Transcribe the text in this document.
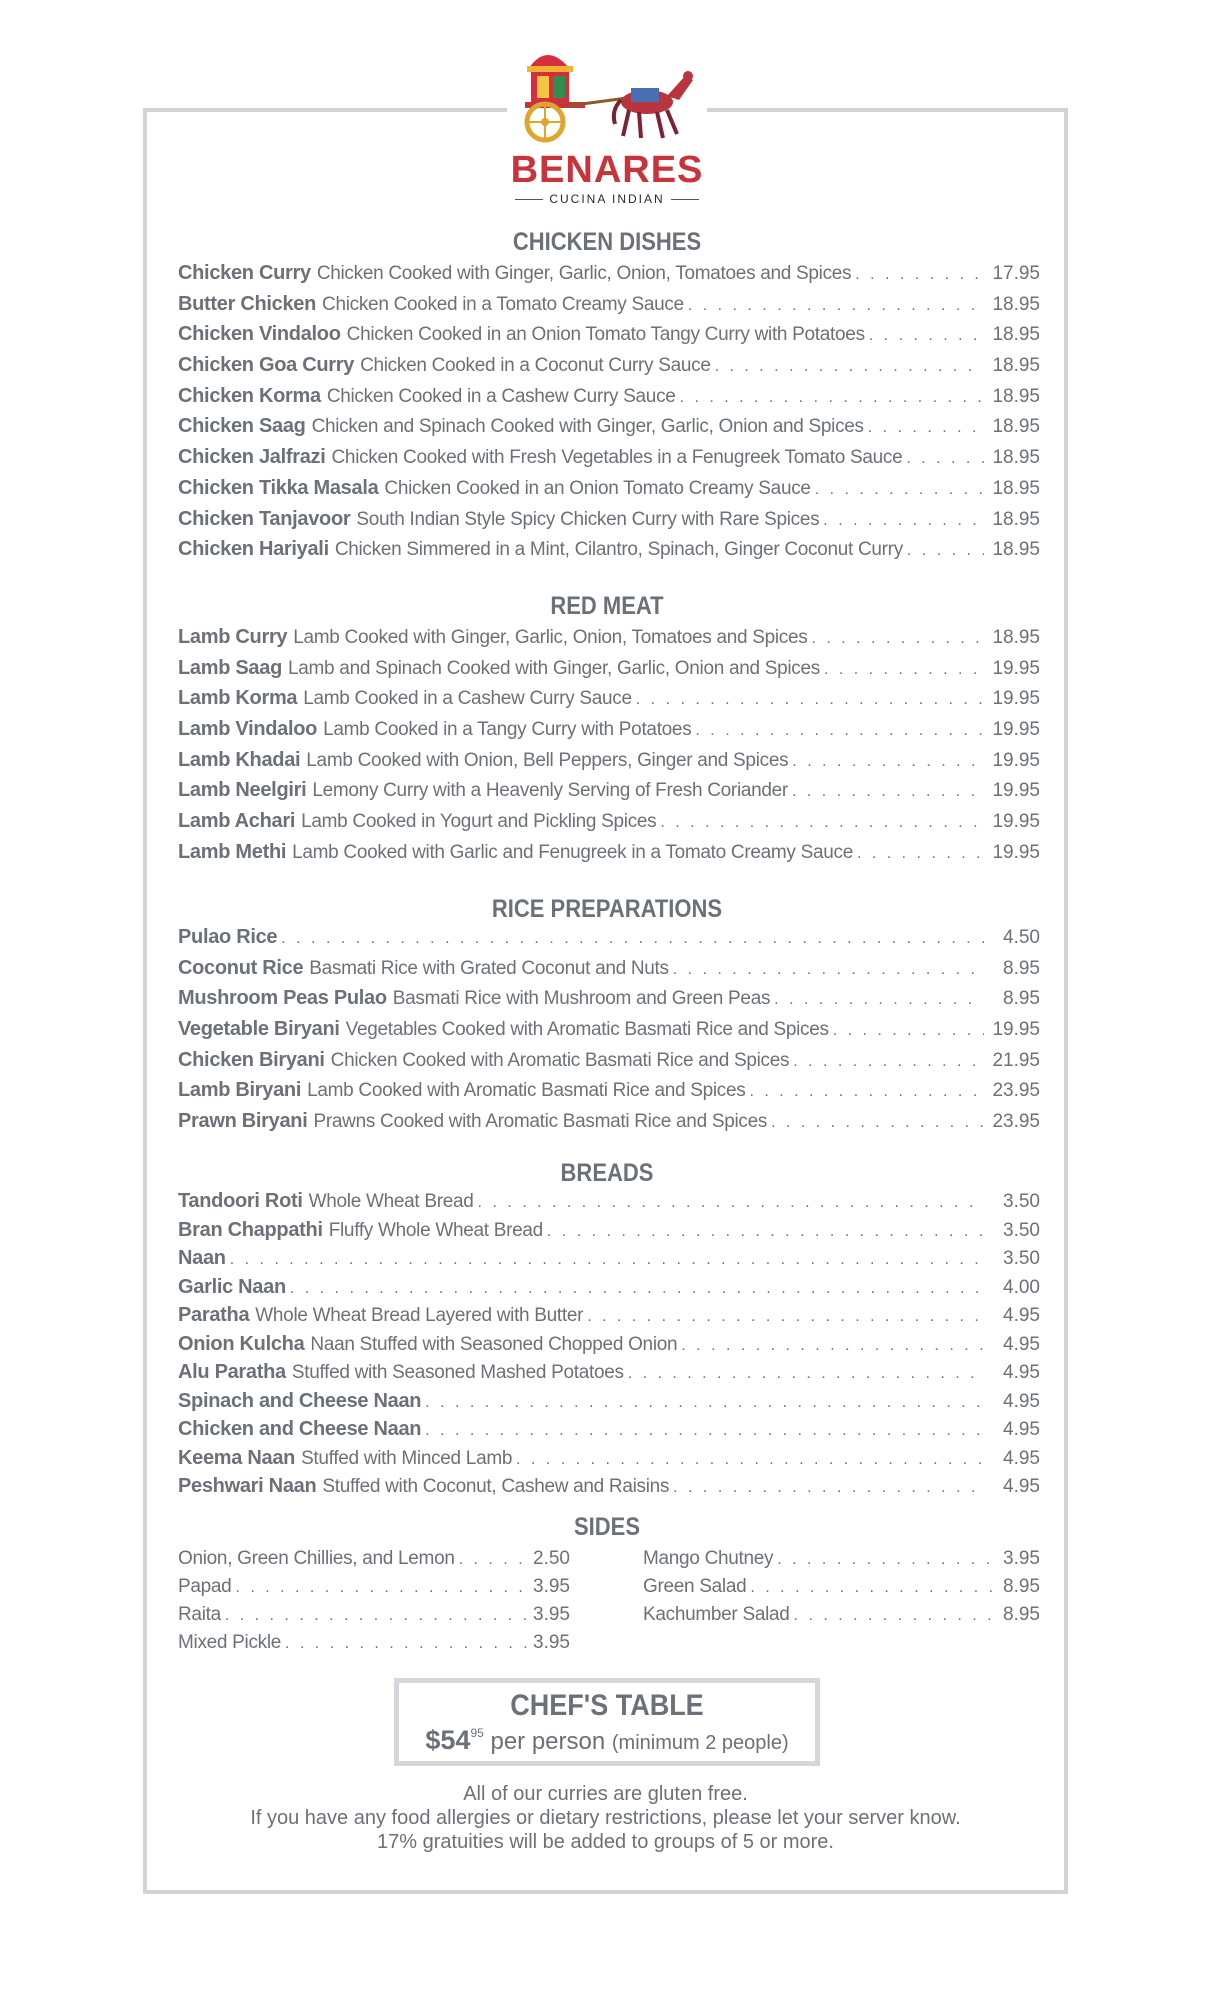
BENARES
CUCINA INDIAN
CHICKEN DISHES
Chicken Curry Chicken Cooked with Ginger, Garlic, Onion, Tomatoes and Spices . . .	17.95
Butter Chicken Chicken Cooked in a Tomato Creamy Sauce . . .	18.95
Chicken Vindaloo Chicken Cooked in an Onion Tomato Tangy Curry with Potatoes . . .	18.95
Chicken Goa Curry Chicken Cooked in a Coconut Curry Sauce . . .	18.95
Chicken Korma Chicken Cooked in a Cashew Curry Sauce . . .	18.95
Chicken Saag Chicken and Spinach Cooked with Ginger, Garlic, Onion and Spices . . .	18.95
Chicken Jalfrazi Chicken Cooked with Fresh Vegetables in a Fenugreek Tomato Sauce . . .	18.95
Chicken Tikka Masala Chicken Cooked in an Onion Tomato Creamy Sauce . . .	18.95
Chicken Tanjavoor South Indian Style Spicy Chicken Curry with Rare Spices . . .	18.95
Chicken Hariyali Chicken Simmered in a Mint, Cilantro, Spinach, Ginger Coconut Curry . . .	18.95
RED MEAT
Lamb Curry Lamb Cooked with Ginger, Garlic, Onion, Tomatoes and Spices . . .	18.95
Lamb Saag Lamb and Spinach Cooked with Ginger, Garlic, Onion and Spices . . .	19.95
Lamb Korma Lamb Cooked in a Cashew Curry Sauce . . .	19.95
Lamb Vindaloo Lamb Cooked in a Tangy Curry with Potatoes . . .	19.95
Lamb Khadai Lamb Cooked with Onion, Bell Peppers, Ginger and Spices . . .	19.95
Lamb Neelgiri Lemony Curry with a Heavenly Serving of Fresh Coriander . . .	19.95
Lamb Achari Lamb Cooked in Yogurt and Pickling Spices . . .	19.95
Lamb Methi Lamb Cooked with Garlic and Fenugreek in a Tomato Creamy Sauce . . .	19.95
RICE PREPARATIONS
Pulao Rice . . .	4.50
Coconut Rice Basmati Rice with Grated Coconut and Nuts . . .	8.95
Mushroom Peas Pulao Basmati Rice with Mushroom and Green Peas . . .	8.95
Vegetable Biryani Vegetables Cooked with Aromatic Basmati Rice and Spices . . .	19.95
Chicken Biryani Chicken Cooked with Aromatic Basmati Rice and Spices . . .	21.95
Lamb Biryani Lamb Cooked with Aromatic Basmati Rice and Spices . . .	23.95
Prawn Biryani Prawns Cooked with Aromatic Basmati Rice and Spices . . .	23.95
BREADS
Tandoori Roti Whole Wheat Bread . . .	3.50
Bran Chappathi Fluffy Whole Wheat Bread . . .	3.50
Naan . . .	3.50
Garlic Naan . . .	4.00
Paratha Whole Wheat Bread Layered with Butter . . .	4.95
Onion Kulcha Naan Stuffed with Seasoned Chopped Onion . . .	4.95
Alu Paratha Stuffed with Seasoned Mashed Potatoes . . .	4.95
Spinach and Cheese Naan . . .	4.95
Chicken and Cheese Naan . . .	4.95
Keema Naan Stuffed with Minced Lamb . . .	4.95
Peshwari Naan Stuffed with Coconut, Cashew and Raisins . . .	4.95
SIDES
Onion, Green Chillies, and Lemon . . .	2.50
Papad . . .	3.95
Raita . . .	3.95
Mixed Pickle . . .	3.95
Mango Chutney . . .	3.95
Green Salad . . .	8.95
Kachumber Salad . . .	8.95
CHEF'S TABLE
$\$54^{95}$ per person (minimum 2 people)
All of our curries are gluten free.
If you have any food allergies or dietary restrictions, please let your server know.
17% gratuities will be added to groups of 5 or more.
